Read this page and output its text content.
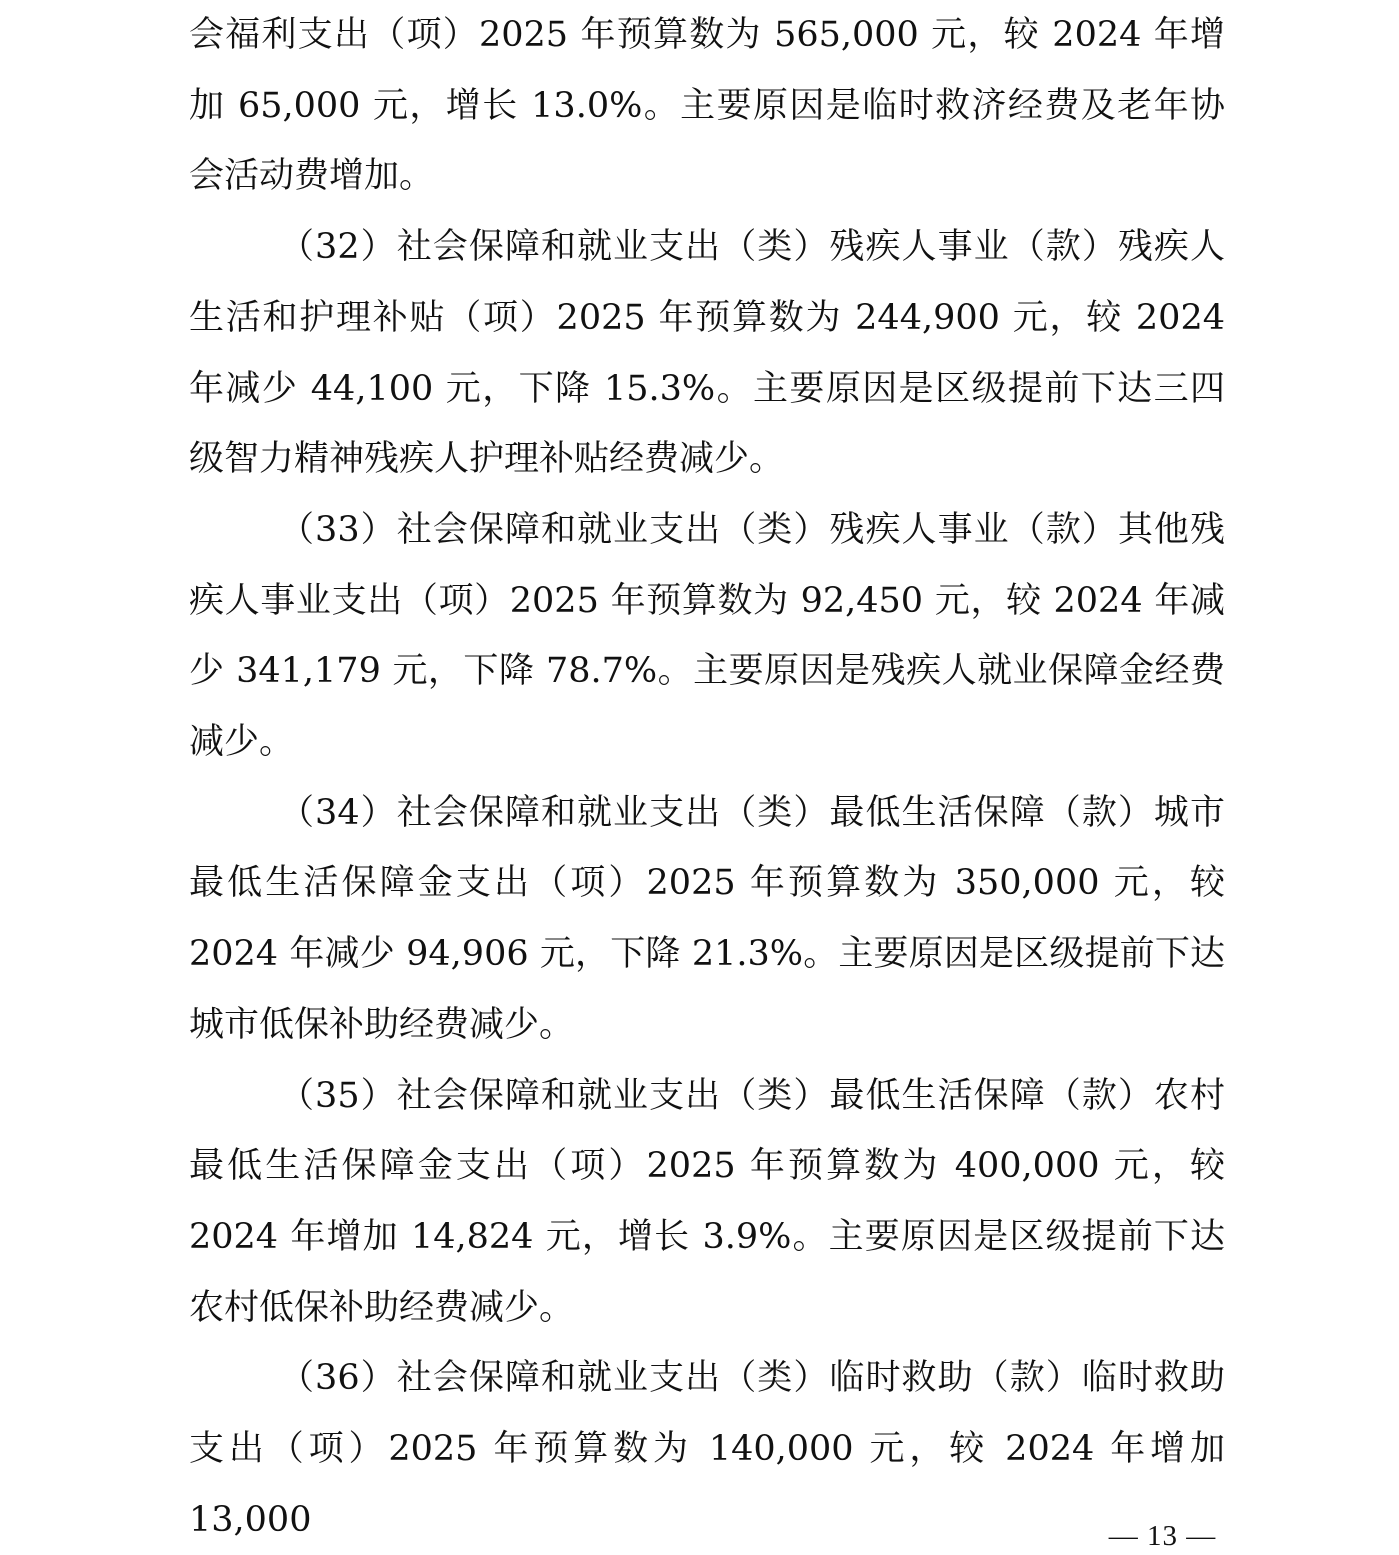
会福利支出（项）2025 年预算数为 565,000 元，较 2024 年增加 65,000 元，增长 13.0%。主要原因是临时救济经费及老年协会活动费增加。

（32）社会保障和就业支出（类）残疾人事业（款）残疾人生活和护理补贴（项）2025 年预算数为 244,900 元，较 2024 年减少 44,100 元，下降 15.3%。主要原因是区级提前下达三四级智力精神残疾人护理补贴经费减少。

（33）社会保障和就业支出（类）残疾人事业（款）其他残疾人事业支出（项）2025 年预算数为 92,450 元，较 2024 年减少 341,179 元，下降 78.7%。主要原因是残疾人就业保障金经费减少。

（34）社会保障和就业支出（类）最低生活保障（款）城市最低生活保障金支出（项）2025 年预算数为 350,000 元，较 2024 年减少 94,906 元，下降 21.3%。主要原因是区级提前下达城市低保补助经费减少。

（35）社会保障和就业支出（类）最低生活保障（款）农村最低生活保障金支出（项）2025 年预算数为 400,000 元，较 2024 年增加 14,824 元，增长 3.9%。主要原因是区级提前下达农村低保补助经费减少。

（36）社会保障和就业支出（类）临时救助（款）临时救助支出（项）2025 年预算数为 140,000 元，较 2024 年增加 13,000	— 13 —
